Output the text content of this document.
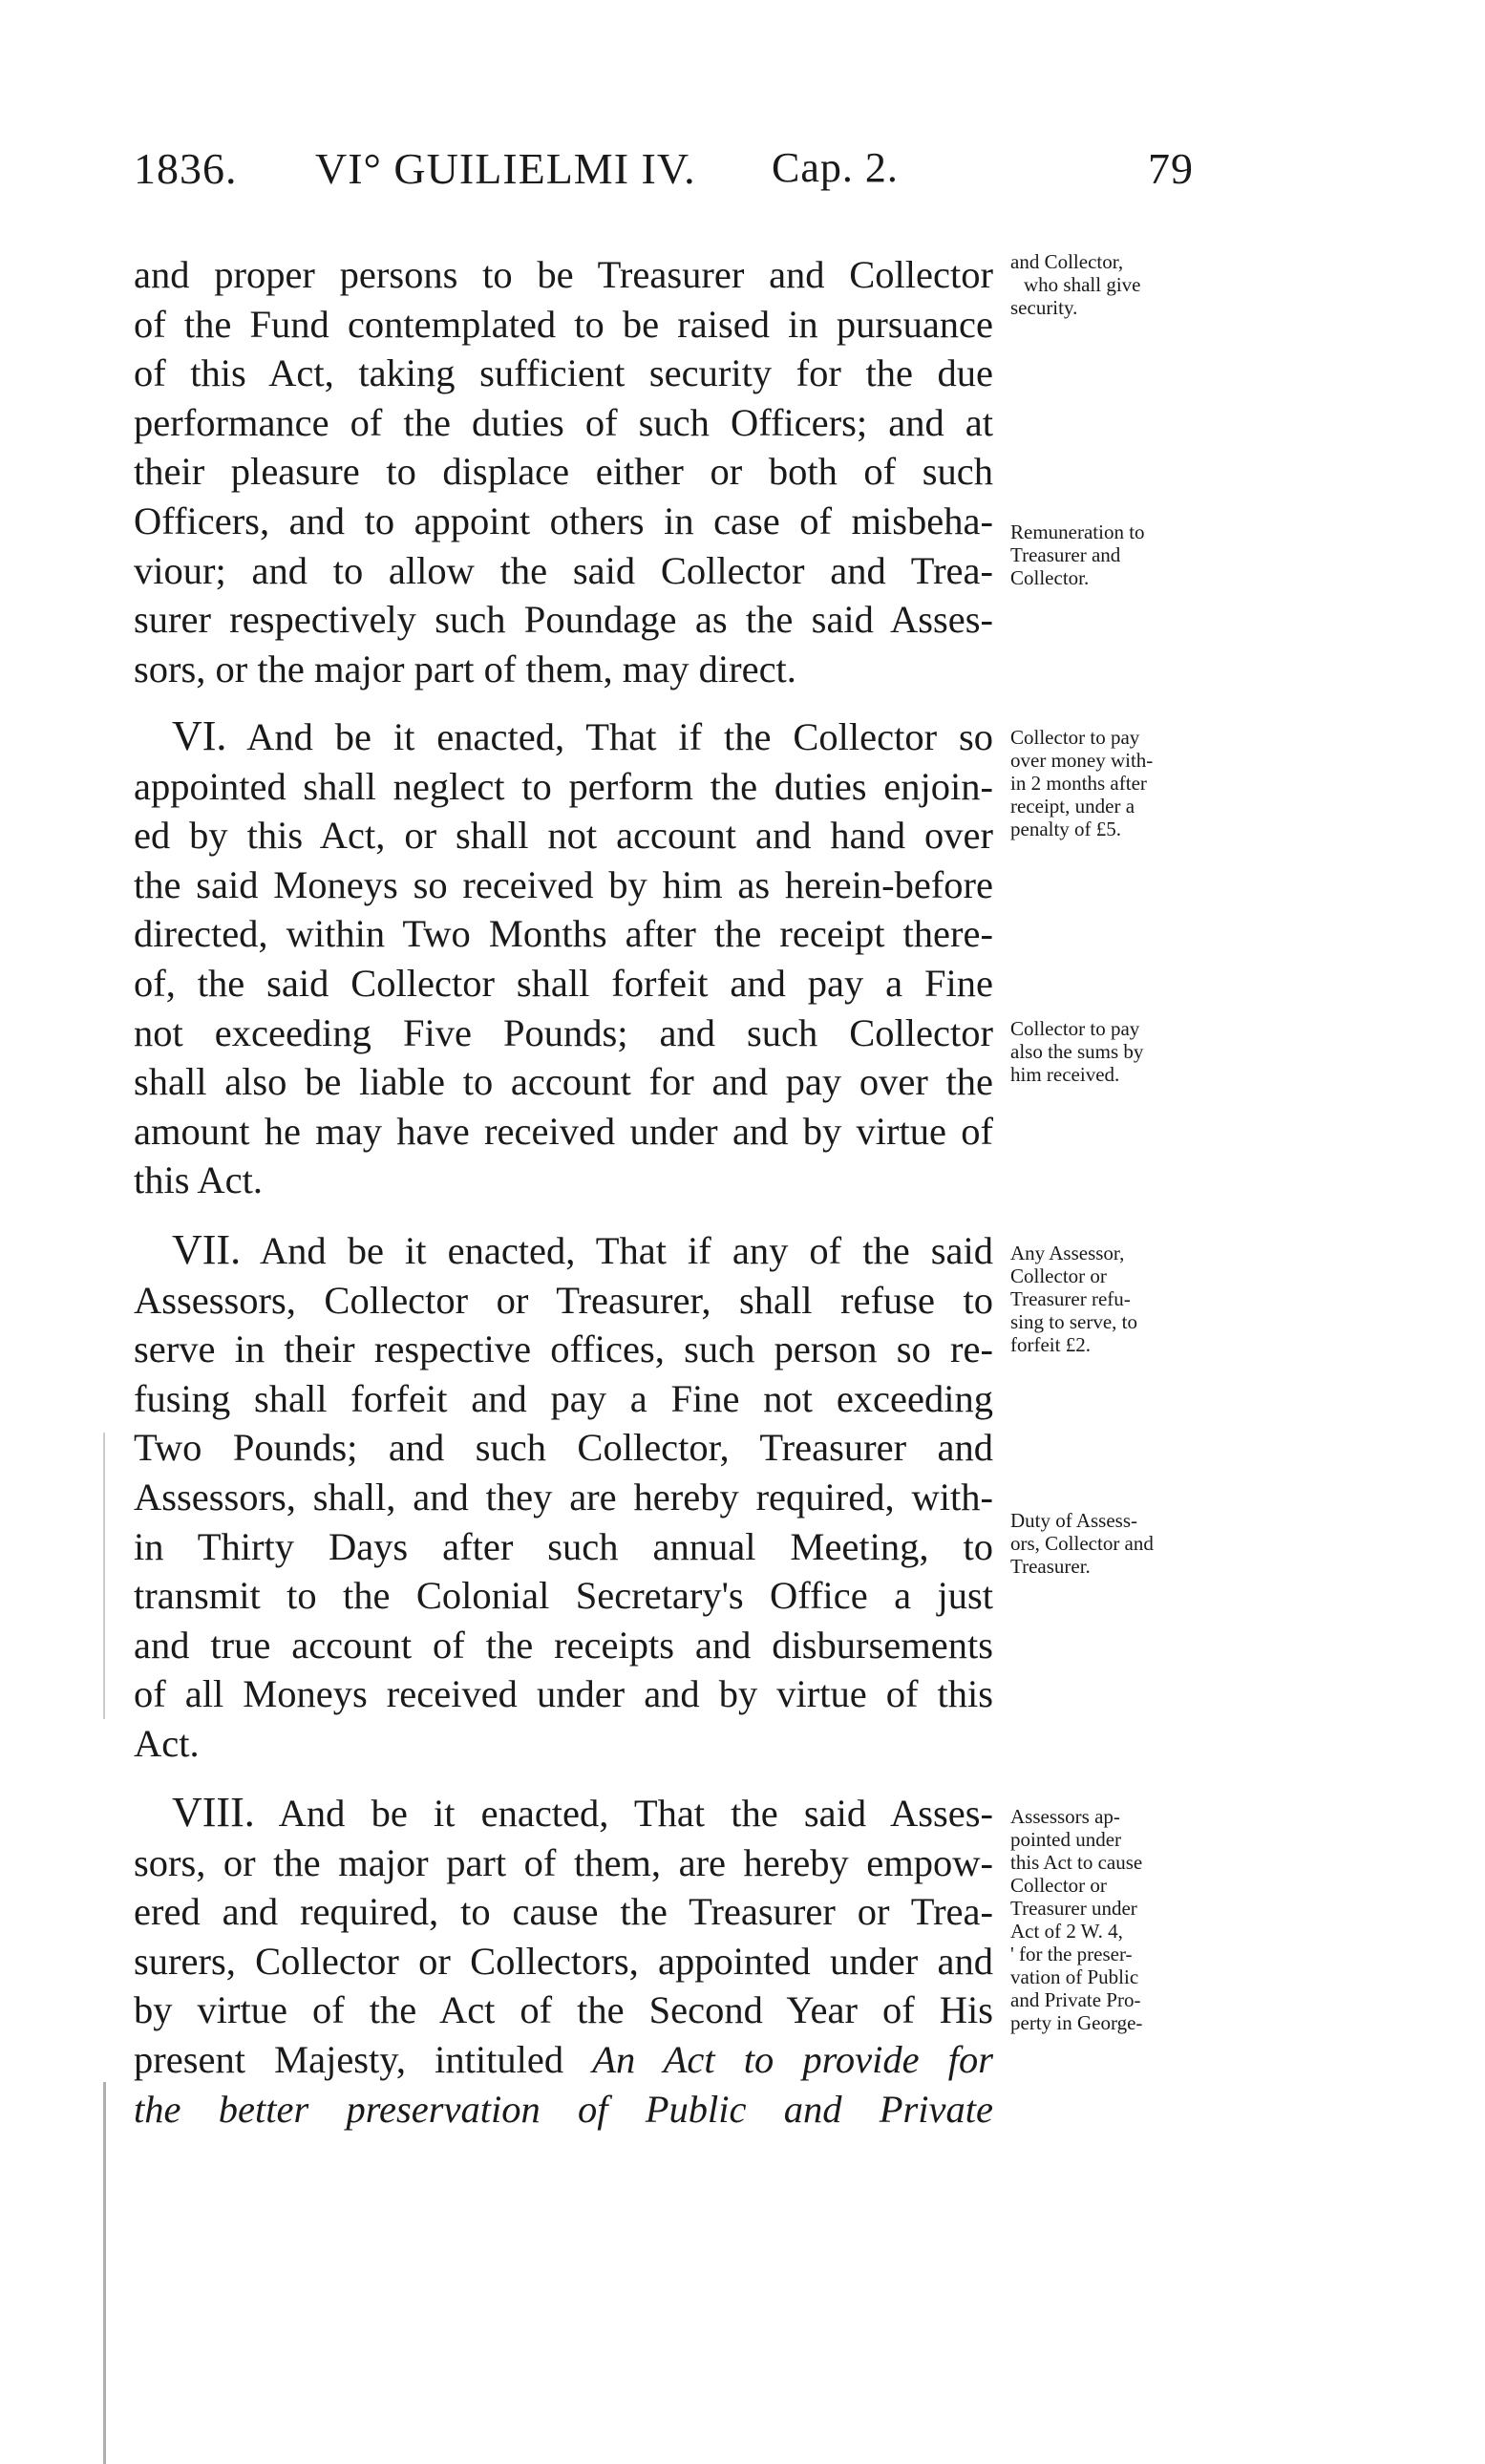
1836. VI° GUILIELMI IV. Cap. 2.	79
and proper persons to be Treasurer and Collector
of the Fund contemplated to be raised in pursuance
of this Act, taking sufficient security for the due
performance of the duties of such Officers; and at
their pleasure to displace either or both of such
Officers, and to appoint others in case of misbeha-
viour; and to allow the said Collector and Trea-
surer respectively such Poundage as the said Asses-
sors, or the major part of them, may direct.
VI. And be it enacted, That if the Collector so
appointed shall neglect to perform the duties enjoin-
ed by this Act, or shall not account and hand over
the said Moneys so received by him as herein-before
directed, within Two Months after the receipt there-
of, the said Collector shall forfeit and pay a Fine
not exceeding Five Pounds; and such Collector
shall also be liable to account for and pay over the
amount he may have received under and by virtue of
this Act.
VII. And be it enacted, That if any of the said
Assessors, Collector or Treasurer, shall refuse to
serve in their respective offices, such person so re-
fusing shall forfeit and pay a Fine not exceeding
Two Pounds; and such Collector, Treasurer and
Assessors, shall, and they are hereby required, with-
in Thirty Days after such annual Meeting, to
transmit to the Colonial Secretary's Office a just
and true account of the receipts and disbursements
of all Moneys received under and by virtue of this
Act.
VIII. And be it enacted, That the said Asses-
sors, or the major part of them, are hereby empow-
ered and required, to cause the Treasurer or Trea-
surers, Collector or Collectors, appointed under and
by virtue of the Act of the Second Year of His
present Majesty, intituled An Act to provide for
the better preservation of Public and Private
and Collector,
who shall give
security.
Remuneration to
Treasurer and
Collector.
Collector to pay
over money with-
in 2 months after
receipt, under a
penalty of £5.
Collector to pay
also the sums by
him received.
Any Assessor,
Collector or
Treasurer refu-
sing to serve, to
forfeit £2.
Duty of Assess-
ors, Collector and
Treasurer.
Assessors ap-
pointed under
this Act to cause
Collector or
Treasurer under
Act of 2 W. 4,
' for the preser-
vation of Public
and Private Pro-
perty in George-
